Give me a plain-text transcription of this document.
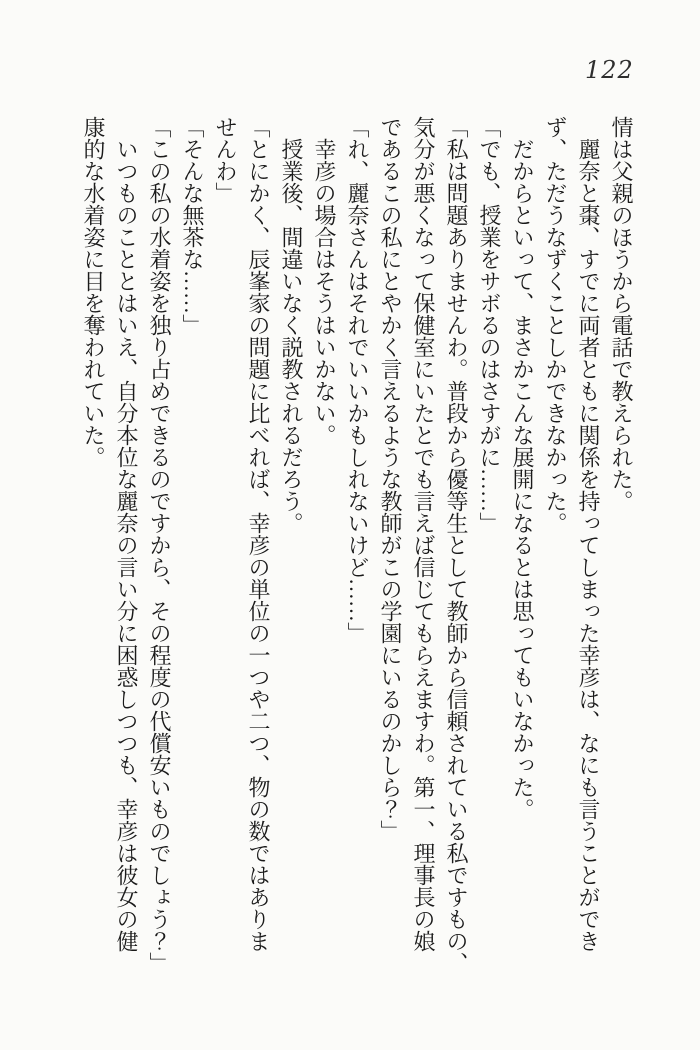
122
情は父親のほうから電話で教えられた。
　麗奈と棗、すでに両者ともに関係を持ってしまった幸彦は、なにも言うことができ
ず、ただうなずくことしかできなかった。
　だからといって、まさかこんな展開になるとは思ってもいなかった。
「でも、授業をサボるのはさすがに……」
「私は問題ありませんわ。普段から優等生として教師から信頼されている私ですもの、
気分が悪くなって保健室にいたとでも言えば信じてもらえますわ。第一、理事長の娘
であるこの私にとやかく言えるような教師がこの学園にいるのかしら？」
「れ、麗奈さんはそれでいいかもしれないけど……」
　幸彦の場合はそうはいかない。
　授業後、間違いなく説教されるだろう。
「とにかく、辰峯家の問題に比べれば、幸彦の単位の一つや二つ、物の数ではありま
せんわ」
「そんな無茶な……」
「この私の水着姿を独り占めできるのですから、その程度の代償安いものでしょう？」
　いつものこととはいえ、自分本位な麗奈の言い分に困惑しつつも、幸彦は彼女の健
康的な水着姿に目を奪われていた。
